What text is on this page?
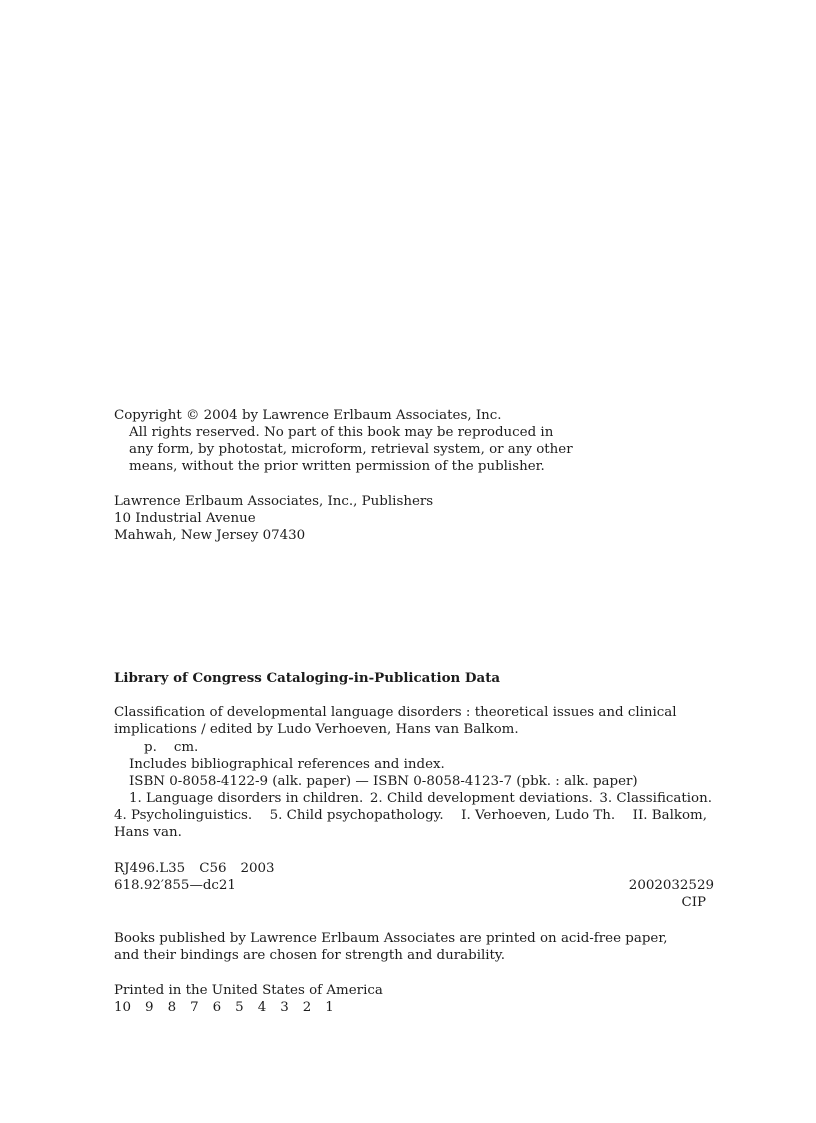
Copyright © 2004 by Lawrence Erlbaum Associates, Inc.
All rights reserved. No part of this book may be reproduced in
any form, by photostat, microform, retrieval system, or any other
means, without the prior written permission of the publisher.
Lawrence Erlbaum Associates, Inc., Publishers
10 Industrial Avenue
Mahwah, New Jersey 07430
Library of Congress Cataloging-in-Publication Data
Classification of developmental language disorders : theoretical issues and clinical
implications / edited by Ludo Verhoeven, Hans van Balkom.
p.    cm.
Includes bibliographical references and index.
ISBN 0-8058-4122-9 (alk. paper) — ISBN 0-8058-4123-7 (pbk. : alk. paper)
1. Language disorders in children. 2. Child development deviations. 3. Classification.
4. Psycholinguistics. 5. Child psychopathology. I. Verhoeven, Ludo Th. II. Balkom,
Hans van.
RJ496.L35 C56 2003
618.92′855—dc21	2002032529
CIP
Books published by Lawrence Erlbaum Associates are printed on acid-free paper,
and their bindings are chosen for strength and durability.
Printed in the United States of America
10 9 8 7 6 5 4 3 2 1
